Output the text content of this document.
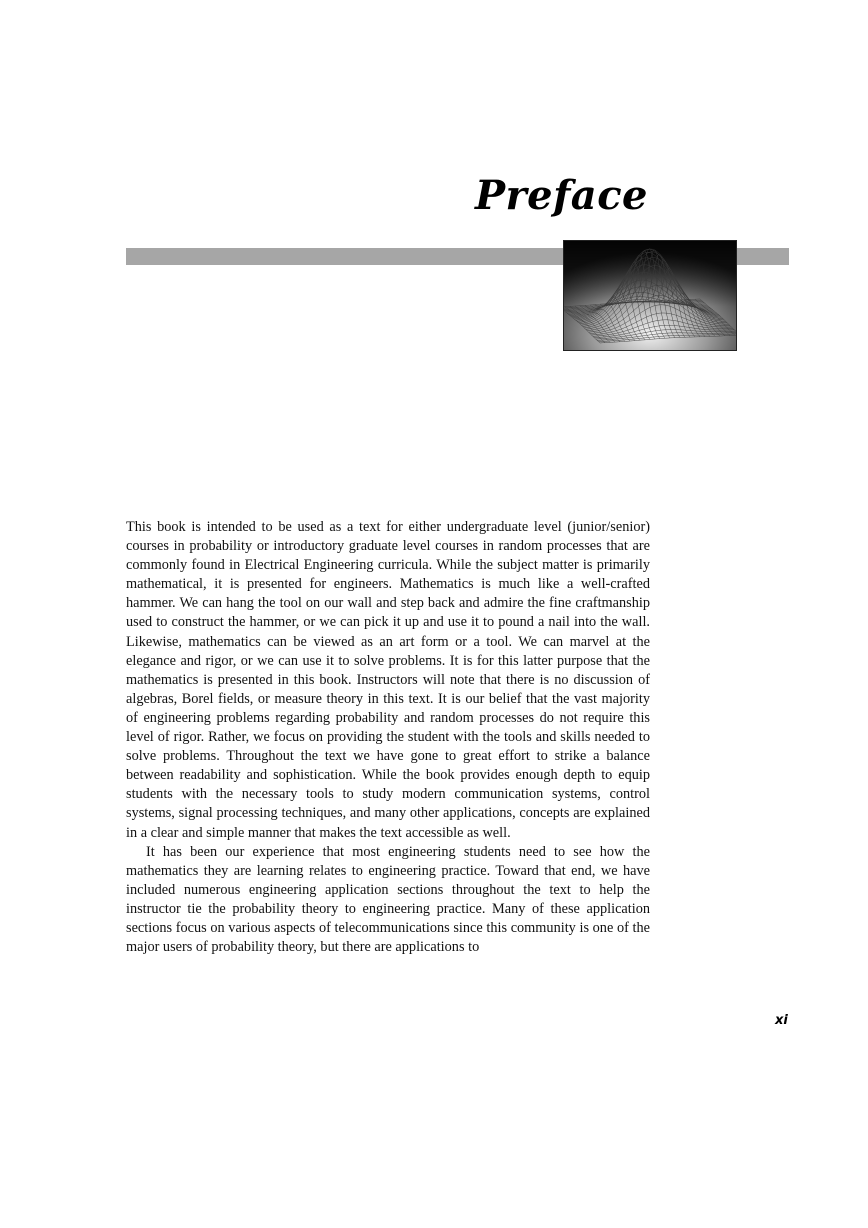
Preface

This book is intended to be used as a text for either undergraduate level (junior/senior) courses in probability or introductory graduate level courses in random processes that are commonly found in Electrical Engineering curricula. While the subject matter is primarily mathematical, it is presented for engineers. Mathematics is much like a well-crafted hammer. We can hang the tool on our wall and step back and admire the fine craftmanship used to construct the hammer, or we can pick it up and use it to pound a nail into the wall. Likewise, mathematics can be viewed as an art form or a tool. We can marvel at the elegance and rigor, or we can use it to solve problems. It is for this latter purpose that the mathematics is presented in this book. Instructors will note that there is no discussion of algebras, Borel fields, or measure theory in this text. It is our belief that the vast majority of engineering problems regarding probability and random processes do not require this level of rigor. Rather, we focus on providing the student with the tools and skills needed to solve problems. Throughout the text we have gone to great effort to strike a balance between readability and sophistication. While the book provides enough depth to equip students with the necessary tools to study modern communication systems, control systems, signal processing techniques, and many other applications, concepts are explained in a clear and simple manner that makes the text accessible as well.

It has been our experience that most engineering students need to see how the mathematics they are learning relates to engineering practice. Toward that end, we have included numerous engineering application sections throughout the text to help the instructor tie the probability theory to engineering practice. Many of these application sections focus on various aspects of telecommunications since this community is one of the major users of probability theory, but there are applications to

xi
